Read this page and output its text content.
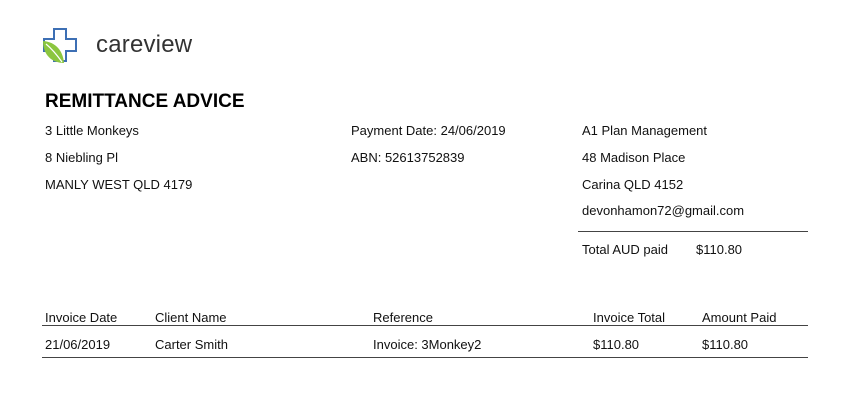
careview
REMITTANCE ADVICE
3 Little Monkeys
8 Niebling Pl
MANLY WEST QLD 4179
Payment Date: 24/06/2019
ABN: 52613752839
A1 Plan Management
48 Madison Place
Carina QLD 4152
devonhamon72@gmail.com
Total AUD paid $110.80
Invoice Date	Client Name	Reference	Invoice Total	Amount Paid
21/06/2019	Carter Smith	Invoice: 3Monkey2	$110.80	$110.80
